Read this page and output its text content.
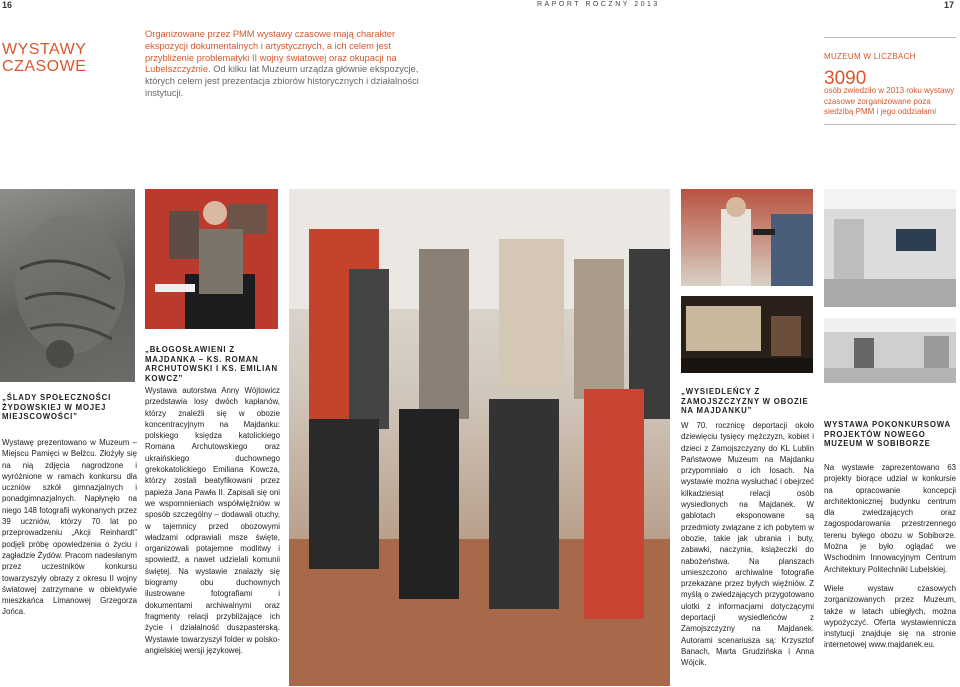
16	RAPORT ROCZNY 2013	17
WYSTAWY
CZASOWE
Organizowane przez PMM wystawy czasowe mają charakter ekspozycji dokumentalnych i artystycznych, a ich celem jest przybliżenie problematyki II wojny światowej oraz okupacji na Lubelszczyźnie. Od kilku lat Muzeum urządza głównie ekspozycje, których celem jest prezentacja zbiorów historycznych i działalności instytucji.
MUZEUM W LICZBACH
3090
osób zwiedziło w 2013 roku wystawy czasowe zorganizowane poza siedzibą PMM i jego oddziałami
„BŁOGOSŁAWIENI Z MAJDANKA – KS. ROMAN ARCHUTOWSKI I KS. EMILIAN KOWCZ”
„ŚLADY SPOŁECZNOŚCI ŻYDOWSKIEJ W MOJEJ MIEJSCOWOŚCI”

Wystawę prezentowano w Muzeum – Miejscu Pamięci w Bełżcu. Złożyły się na nią zdjęcia nagrodzone i wyróżnione w ramach konkursu dla uczniów szkół gimnazjalnych i ponadgimnazjalnych. Napłynęło na niego 148 fotografii wykonanych przez 39 uczniów, którzy 70 lat po przeprowadzeniu „Akcji Reinhardt” podjęli próbę opowiedzenia o życiu i zagładzie Żydów. Pracom nadesłanym przez uczestników konkursu towarzyszyły obrazy z okresu II wojny światowej zatrzymane w obiektywie mieszkańca Limanowej Grzegorza Jońca.

Wystawa autorstwa Anny Wójtowicz przedstawia losy dwóch kapłanów, którzy znaleźli się w obozie koncentracyjnym na Majdanku: polskiego księdza katolickiego Romana Archutowskiego oraz ukraińskiego duchownego grekokatolickiego Emiliana Kowcza, którzy zostali beatyfikowani przez papieża Jana Pawła II. Zapisali się oni we wspomnieniach współwięźniów w sposób szczególny – dodawali otuchy, w tajemnicy przed obozowymi władzami odprawiali msze święte, organizowali potajemne modlitwy i spowiedź, a nawet udzielali komunii świętej. Na wystawie znalazły się biogramy obu duchownych ilustrowane fotografiami i dokumentami archiwalnymi oraz fragmenty relacji przybliżające ich życie i działalność duszpasterską. Wystawie towarzyszył folder w polsko-angielskiej wersji językowej.

„WYSIEDLEŃCY Z ZAMOJSZCZYZNY W OBOZIE NA MAJDANKU”

W 70. rocznicę deportacji około dziewięciu tysięcy mężczyzn, kobiet i dzieci z Zamojszczyzny do KL Lublin Państwowe Muzeum na Majdanku przypomniało o ich losach. Na wystawie można wysłuchać i obejrzeć kilkadziesiąt relacji osób wysiedlonych na Majdanek. W gablotach eksponowane są przedmioty związane z ich pobytem w obozie, takie jak ubrania i buty, zabawki, naczynia, książeczki do nabożeństwa. Na planszach umieszczono archiwalne fotografie przekazane przez byłych więźniów. Z myślą o zwiedzających przygotowano ulotki z informacjami dotyczącymi deportacji wysiedleńców z Zamojszczyzny na Majdanek. Autorami scenariusza są: Krzysztof Banach, Marta Grudzińska i Anna Wójcik.

WYSTAWA POKONKURSOWA PROJEKTÓW NOWEGO MUZEUM W SOBIBORZE

Na wystawie zaprezentowano 63 projekty biorące udział w konkursie na opracowanie koncepcji architektonicznej budynku centrum dla zwiedzających oraz zagospodarowania przestrzennego terenu byłego obozu w Sobiborze. Można je było oglądać we Wschodnim Innowacyjnym Centrum Architektury Politechniki Lubelskiej.

Wiele wystaw czasowych zorganizowanych przez Muzeum, także w latach ubiegłych, można wypożyczyć. Oferta wystawiennicza instytucji znajduje się na stronie internetowej www.majdanek.eu.
